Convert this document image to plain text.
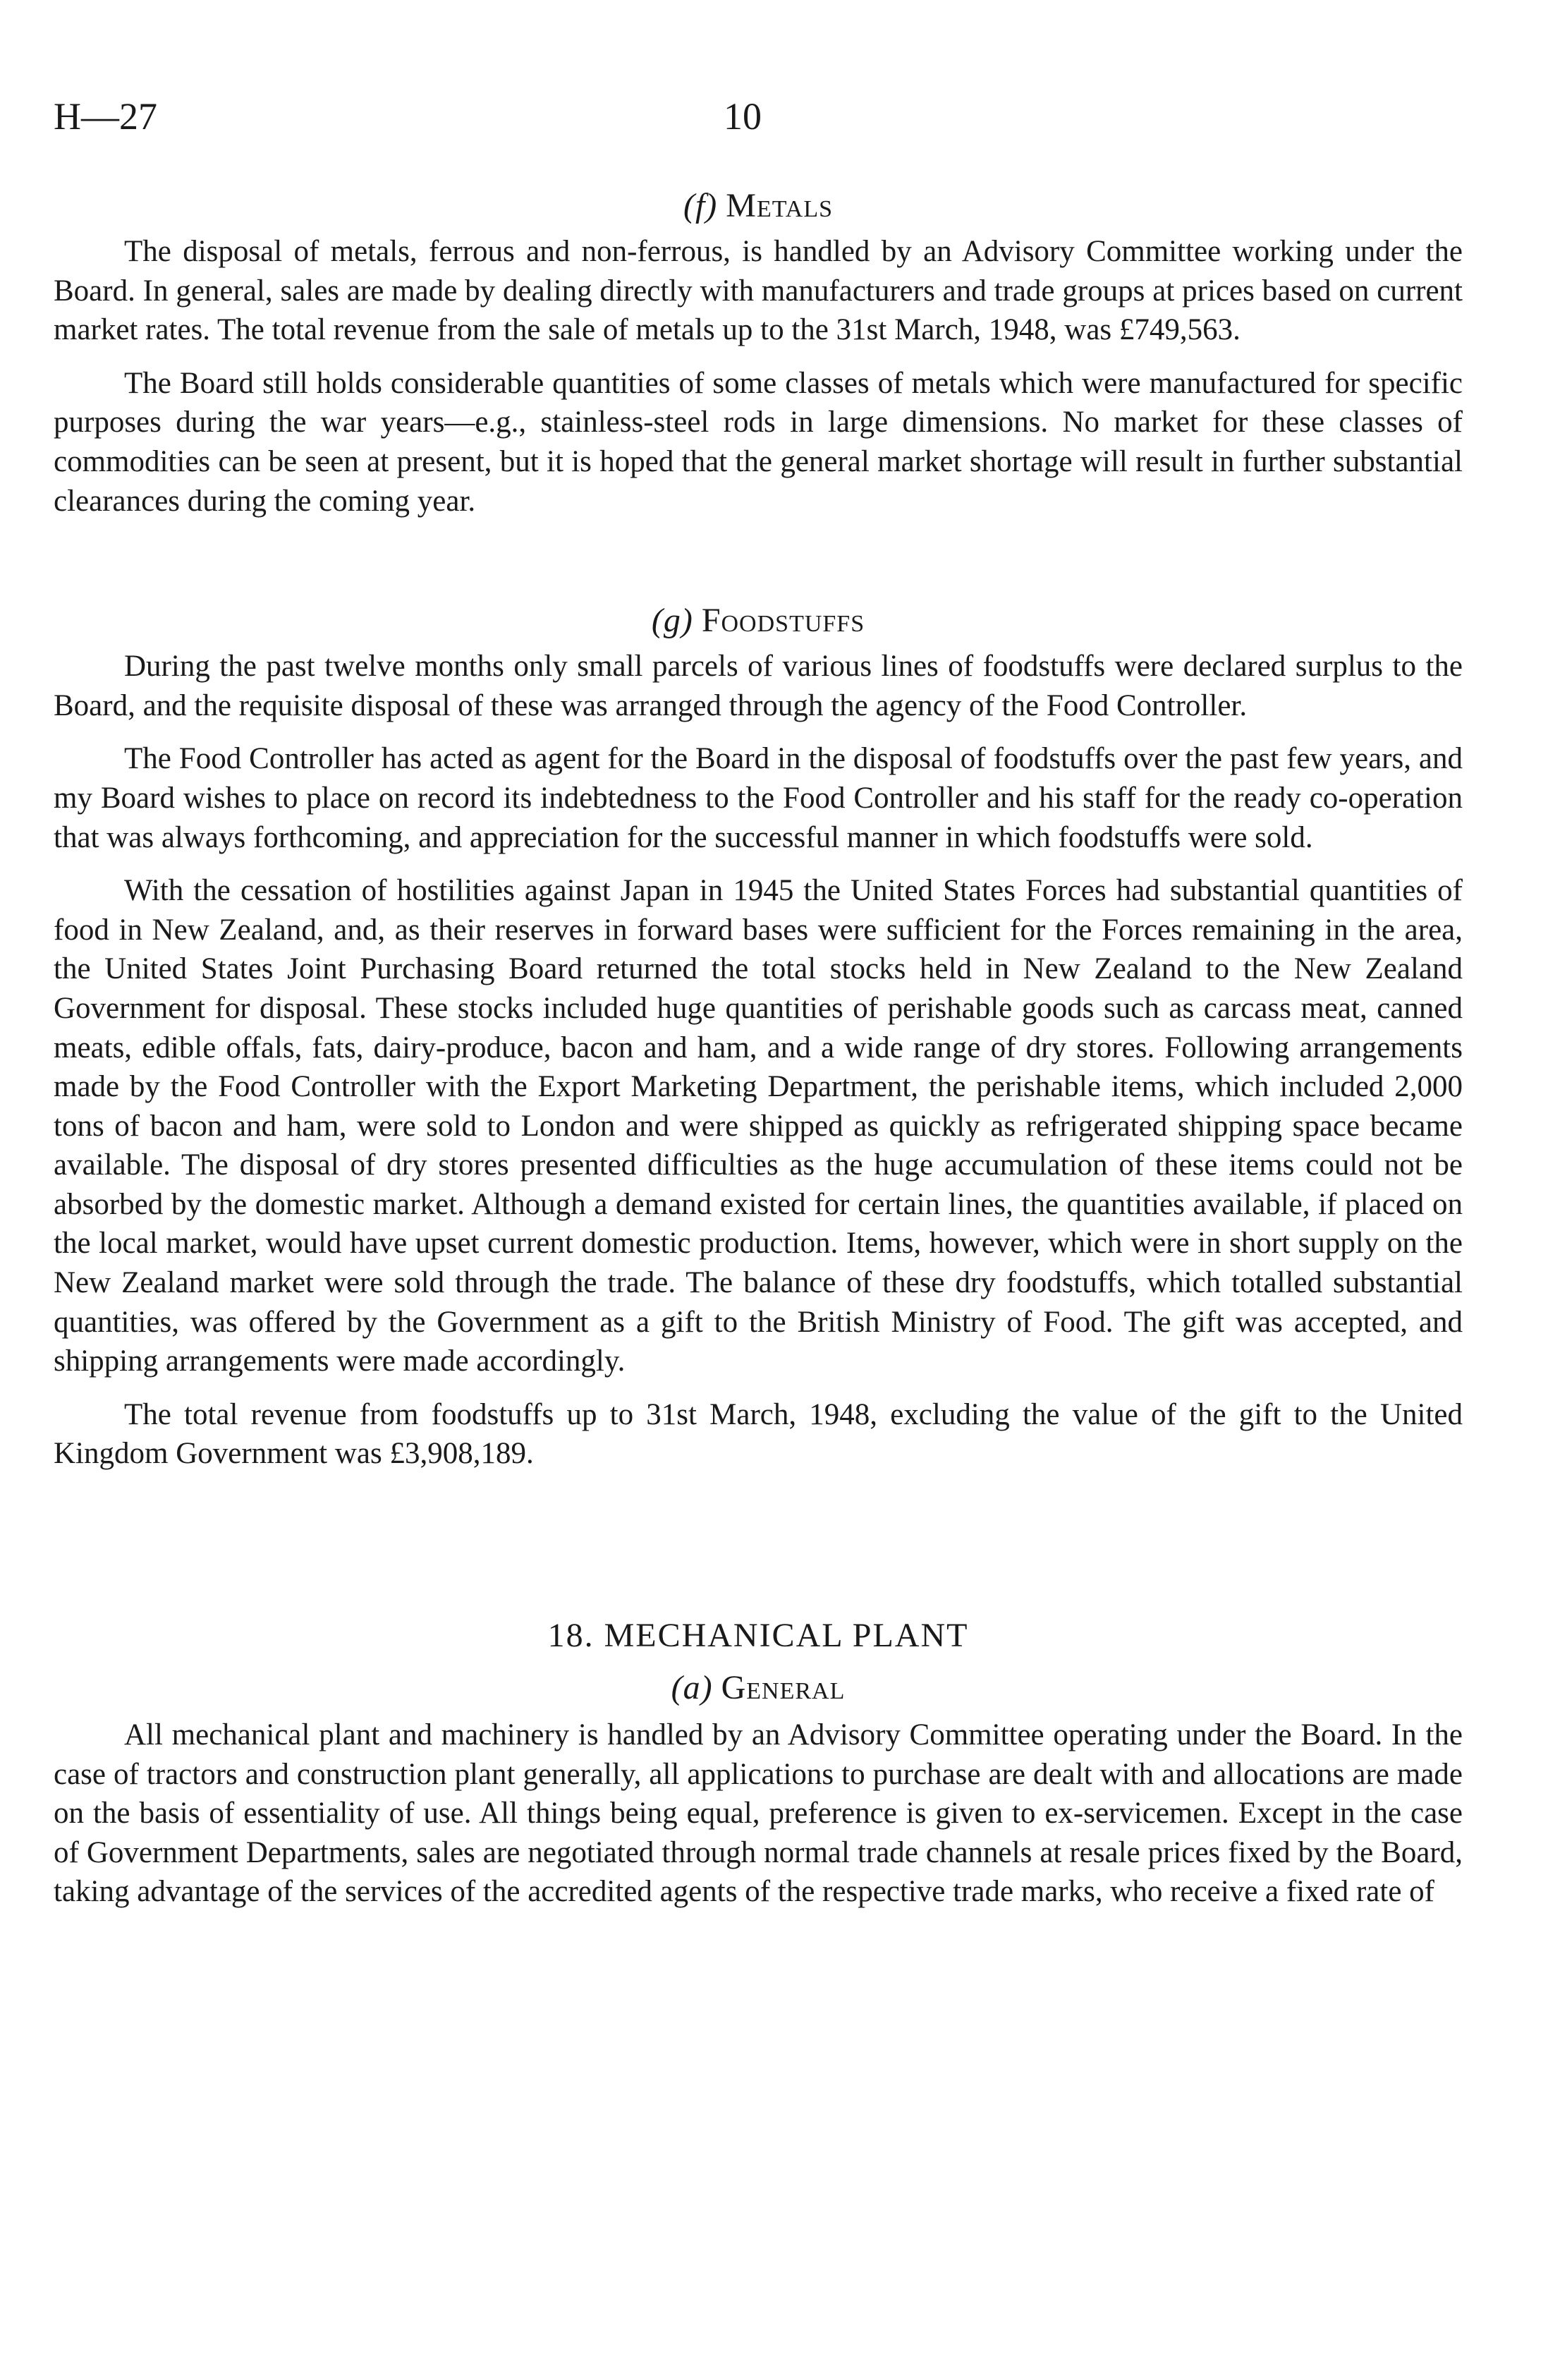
H—27	10
(f) Metals

The disposal of metals, ferrous and non-ferrous, is handled by an Advisory Committee working under the Board. In general, sales are made by dealing directly with manufacturers and trade groups at prices based on current market rates. The total revenue from the sale of metals up to the 31st March, 1948, was £749,563.

The Board still holds considerable quantities of some classes of metals which were manufactured for specific purposes during the war years—e.g., stainless-steel rods in large dimensions. No market for these classes of commodities can be seen at present, but it is hoped that the general market shortage will result in further substantial clearances during the coming year.

(g) Foodstuffs

During the past twelve months only small parcels of various lines of foodstuffs were declared surplus to the Board, and the requisite disposal of these was arranged through the agency of the Food Controller.

The Food Controller has acted as agent for the Board in the disposal of foodstuffs over the past few years, and my Board wishes to place on record its indebtedness to the Food Controller and his staff for the ready co-operation that was always forthcoming, and appreciation for the successful manner in which foodstuffs were sold.

With the cessation of hostilities against Japan in 1945 the United States Forces had substantial quantities of food in New Zealand, and, as their reserves in forward bases were sufficient for the Forces remaining in the area, the United States Joint Purchasing Board returned the total stocks held in New Zealand to the New Zealand Government for disposal. These stocks included huge quantities of perishable goods such as carcass meat, canned meats, edible offals, fats, dairy-produce, bacon and ham, and a wide range of dry stores. Following arrangements made by the Food Controller with the Export Marketing Department, the perishable items, which included 2,000 tons of bacon and ham, were sold to London and were shipped as quickly as refrigerated shipping space became available. The disposal of dry stores presented difficulties as the huge accumulation of these items could not be absorbed by the domestic market. Although a demand existed for certain lines, the quantities available, if placed on the local market, would have upset current domestic production. Items, however, which were in short supply on the New Zealand market were sold through the trade. The balance of these dry foodstuffs, which totalled substantial quantities, was offered by the Government as a gift to the British Ministry of Food. The gift was accepted, and shipping arrangements were made accordingly.

The total revenue from foodstuffs up to 31st March, 1948, excluding the value of the gift to the United Kingdom Government was £3,908,189.

18. MECHANICAL PLANT
(a) General

All mechanical plant and machinery is handled by an Advisory Committee operating under the Board. In the case of tractors and construction plant generally, all applications to purchase are dealt with and allocations are made on the basis of essentiality of use. All things being equal, preference is given to ex-servicemen. Except in the case of Government Departments, sales are negotiated through normal trade channels at resale prices fixed by the Board, taking advantage of the services of the accredited agents of the respective trade marks, who receive a fixed rate of
